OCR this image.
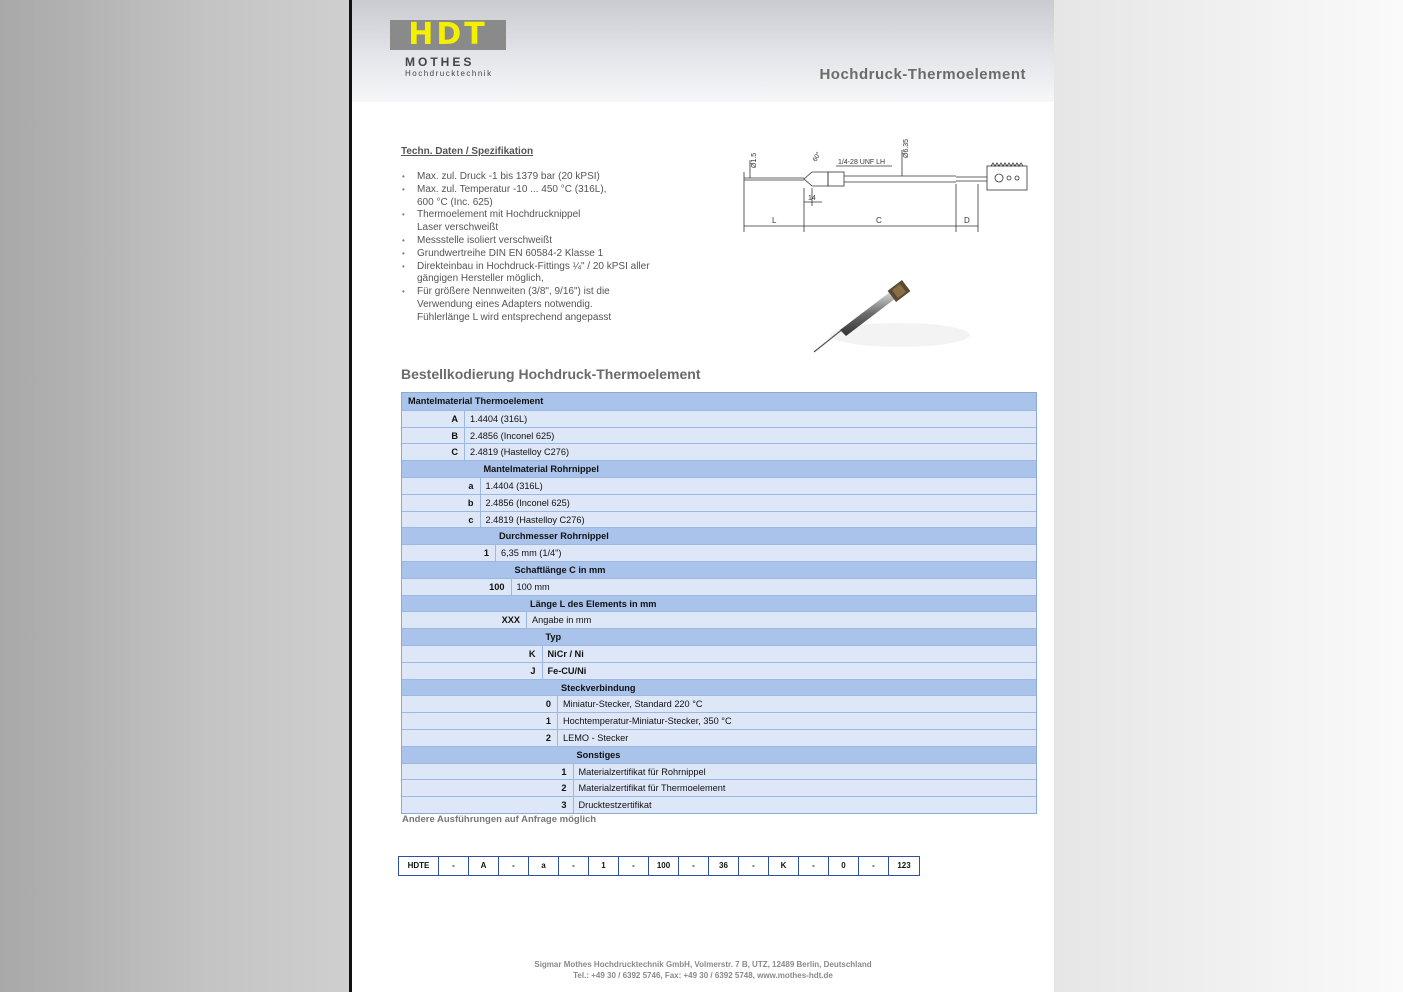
HDT
MOTHES
Hochdrucktechnik	Hochdruck-Thermoelement
Techn. Daten / Spezifikation
• Max. zul. Druck -1 bis 1379 bar (20 kPSI)
• Max. zul. Temperatur -10 ... 450 °C (316L),
600 °C (Inc. 625)
• Thermoelement mit Hochdrucknippel
Laser verschweißt
• Messstelle isoliert verschweißt
• Grundwertreihe DIN EN 60584-2 Klasse 1
• Direkteinbau in Hochdruck-Fittings ¼" / 20 kPSI aller
gängigen Hersteller möglich,
• Für größere Nennweiten (3/8", 9/16") ist die
Verwendung eines Adapters notwendig.
Fühlerlänge L wird entsprechend angepasst
Ø1.5
Ø6.35
60° 1/4-28 UNF LH
14
L	C	D
Bestellkodierung Hochdruck-Thermoelement
Mantelmaterial Thermoelement
A 1.4404 (316L)
B 2.4856 (Inconel 625)
C 2.4819 (Hastelloy C276)
Mantelmaterial Rohrnippel
a 1.4404 (316L)
b 2.4856 (Inconel 625)
c 2.4819 (Hastelloy C276)
Durchmesser Rohrnippel
1 6,35 mm (1/4")
Schaftlänge C in mm
100 100 mm
Länge L des Elements in mm
XXX Angabe in mm
Typ
K NiCr / Ni
J Fe-CU/Ni
Steckverbindung
0 Miniatur-Stecker, Standard 220 °C
1 Hochtemperatur-Miniatur-Stecker, 350 °C
2 LEMO - Stecker
Sonstiges
1 Materialzertifikat für Rohrnippel
2 Materialzertifikat für Thermoelement
3 Drucktestzertifikat
Andere Ausführungen auf Anfrage möglich
HDTE	-	A	-	a	-	1	-	100	-	36	-	K	-	0	-	123
Sigmar Mothes Hochdrucktechnik GmbH, Volmerstr. 7 B, UTZ, 12489 Berlin, Deutschland
Tel.: +49 30 / 6392 5746, Fax: +49 30 / 6392 5748, www.mothes-hdt.de
